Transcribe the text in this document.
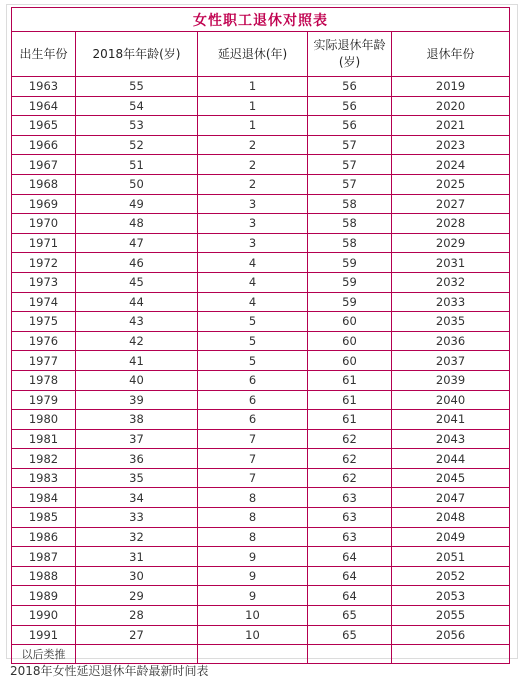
女性职工退休对照表				
出生年份	2018年年龄(岁)	延迟退休(年)	实际退休年龄(岁)	退休年份
1963	55	1	56	2019
1964	54	1	56	2020
1965	53	1	56	2021
1966	52	2	57	2023
1967	51	2	57	2024
1968	50	2	57	2025
1969	49	3	58	2027
1970	48	3	58	2028
1971	47	3	58	2029
1972	46	4	59	2031
1973	45	4	59	2032
1974	44	4	59	2033
1975	43	5	60	2035
1976	42	5	60	2036
1977	41	5	60	2037
1978	40	6	61	2039
1979	39	6	61	2040
1980	38	6	61	2041
1981	37	7	62	2043
1982	36	7	62	2044
1983	35	7	62	2045
1984	34	8	63	2047
1985	33	8	63	2048
1986	32	8	63	2049
1987	31	9	64	2051
1988	30	9	64	2052
1989	29	9	64	2053
1990	28	10	65	2055
1991	27	10	65	2056
以后类推				
2018年女性延迟退休年龄最新时间表
